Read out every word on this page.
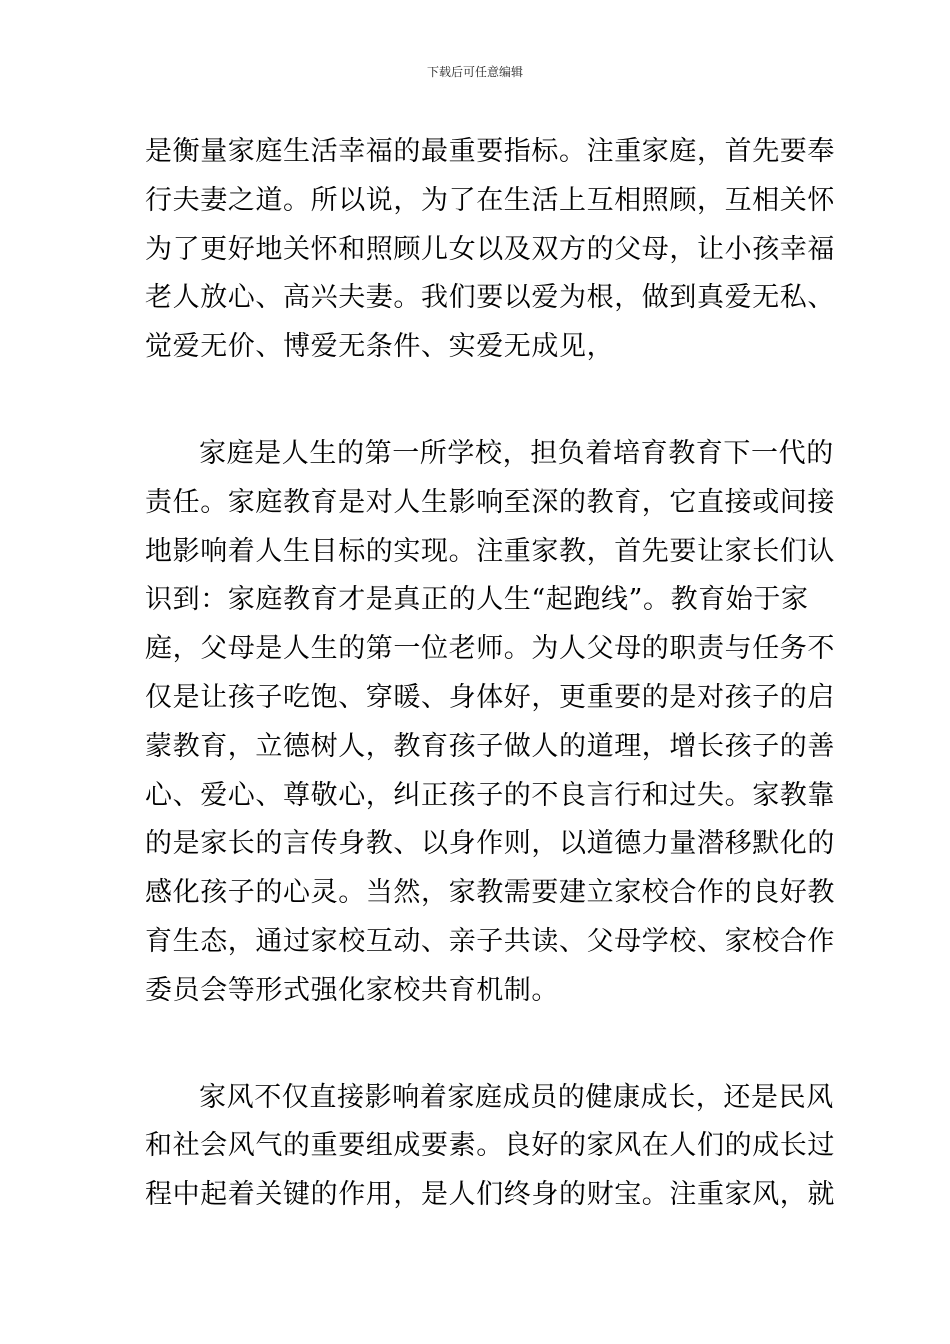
下载后可任意编辑
是衡量家庭生活幸福的最重要指标。注重家庭，首先要奉
行夫妻之道。所以说，为了在生活上互相照顾，互相关怀
为了更好地关怀和照顾儿女以及双方的父母，让小孩幸福
老人放心、高兴夫妻。我们要以爱为根，做到真爱无私、
觉爱无价、博爱无条件、实爱无成见，
家庭是人生的第一所学校，担负着培育教育下一代的
责任。家庭教育是对人生影响至深的教育，它直接或间接
地影响着人生目标的实现。注重家教，首先要让家长们认
识到：家庭教育才是真正的人生“起跑线”。教育始于家
庭，父母是人生的第一位老师。为人父母的职责与任务不
仅是让孩子吃饱、穿暖、身体好，更重要的是对孩子的启
蒙教育，立德树人，教育孩子做人的道理，增长孩子的善
心、爱心、尊敬心，纠正孩子的不良言行和过失。家教靠
的是家长的言传身教、以身作则，以道德力量潜移默化的
感化孩子的心灵。当然，家教需要建立家校合作的良好教
育生态，通过家校互动、亲子共读、父母学校、家校合作
委员会等形式强化家校共育机制。
家风不仅直接影响着家庭成员的健康成长，还是民风
和社会风气的重要组成要素。良好的家风在人们的成长过
程中起着关键的作用，是人们终身的财宝。注重家风，就
